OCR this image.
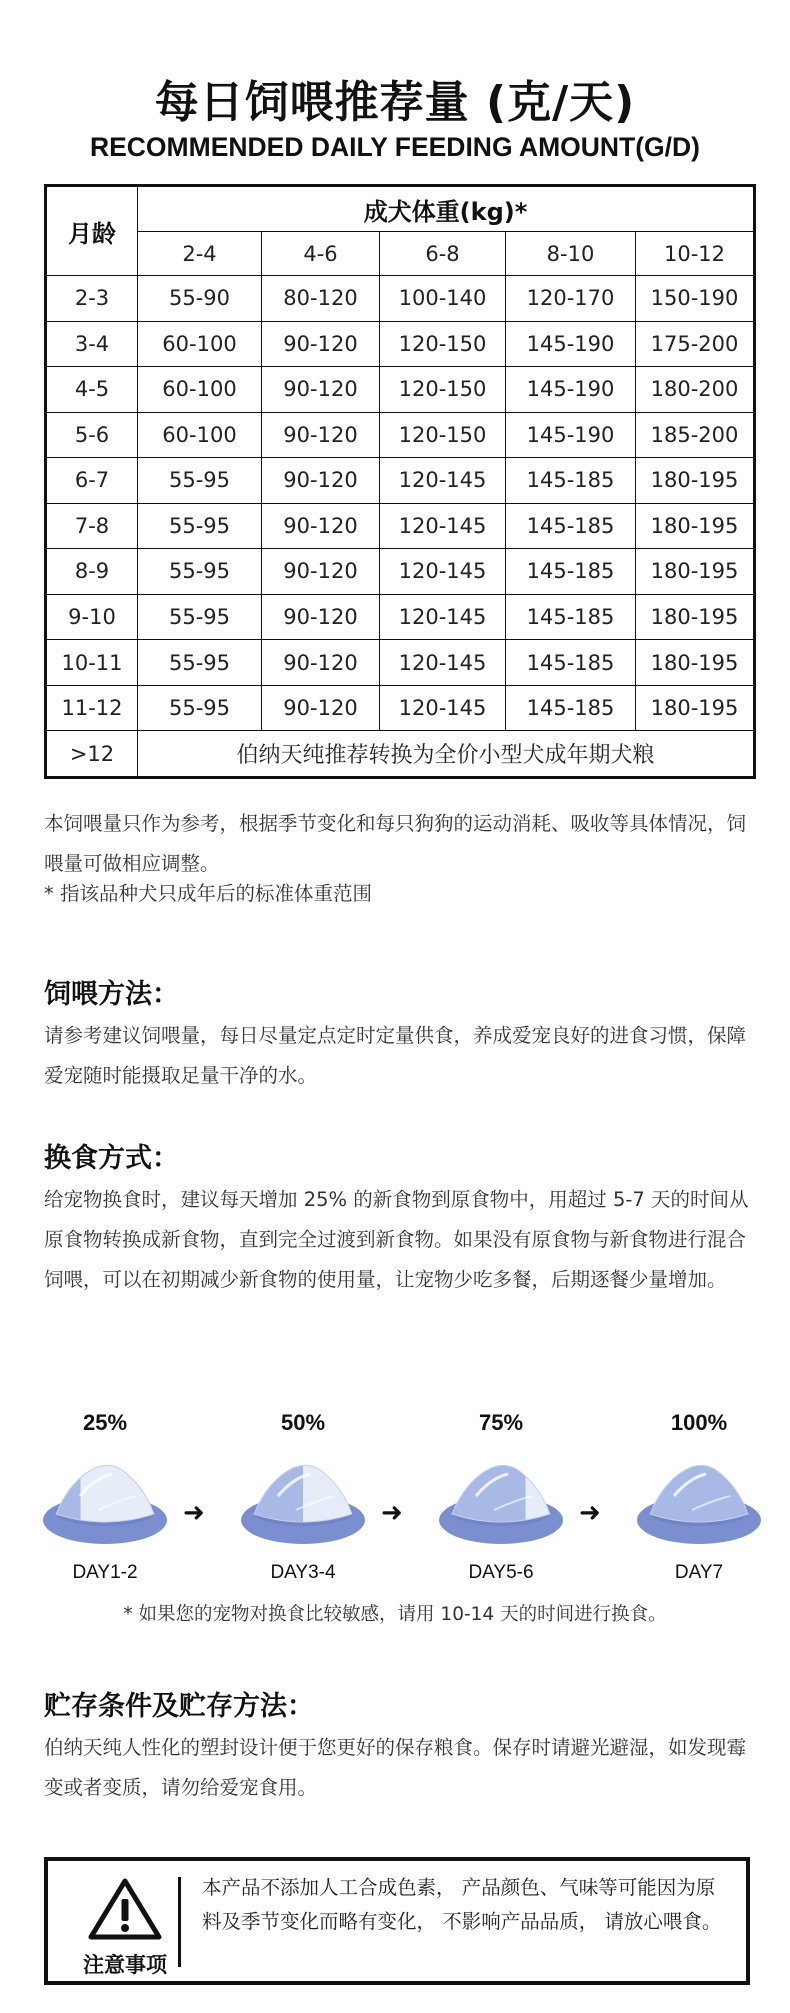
每日饲喂推荐量 (克/天)
RECOMMENDED DAILY FEEDING AMOUNT(G/D)
月龄	成犬体重(kg)*				
	2-4	4-6	6-8	8-10	10-12
2-3	55-90	80-120	100-140	120-170	150-190
3-4	60-100	90-120	120-150	145-190	175-200
4-5	60-100	90-120	120-150	145-190	180-200
5-6	60-100	90-120	120-150	145-190	185-200
6-7	55-95	90-120	120-145	145-185	180-195
7-8	55-95	90-120	120-145	145-185	180-195
8-9	55-95	90-120	120-145	145-185	180-195
9-10	55-95	90-120	120-145	145-185	180-195
10-11	55-95	90-120	120-145	145-185	180-195
11-12	55-95	90-120	120-145	145-185	180-195
>12	伯纳天纯推荐转换为全价小型犬成年期犬粮				
本饲喂量只作为参考，根据季节变化和每只狗狗的运动消耗、吸收等具体情况，饲喂量可做相应调整。
* 指该品种犬只成年后的标准体重范围
饲喂方法：
请参考建议饲喂量，每日尽量定点定时定量供食，养成爱宠良好的进食习惯，保障爱宠随时能摄取足量干净的水。
换食方式：
给宠物换食时，建议每天增加 25% 的新食物到原食物中，用超过 5-7 天的时间从原食物转换成新食物，直到完全过渡到新食物。如果没有原食物与新食物进行混合饲喂，可以在初期减少新食物的使用量，让宠物少吃多餐，后期逐餐少量增加。
25%
DAY1-2
50%
DAY3-4
75%
DAY5-6
100%
DAY7
➜	➜	➜
* 如果您的宠物对换食比较敏感，请用 10-14 天的时间进行换食。
贮存条件及贮存方法：
伯纳天纯人性化的塑封设计便于您更好的保存粮食。保存时请避光避湿，如发现霉变或者变质，请勿给爱宠食用。
注意事项
本产品不添加人工合成色素， 产品颜色、气味等可能因为原料及季节变化而略有变化， 不影响产品品质， 请放心喂食。
